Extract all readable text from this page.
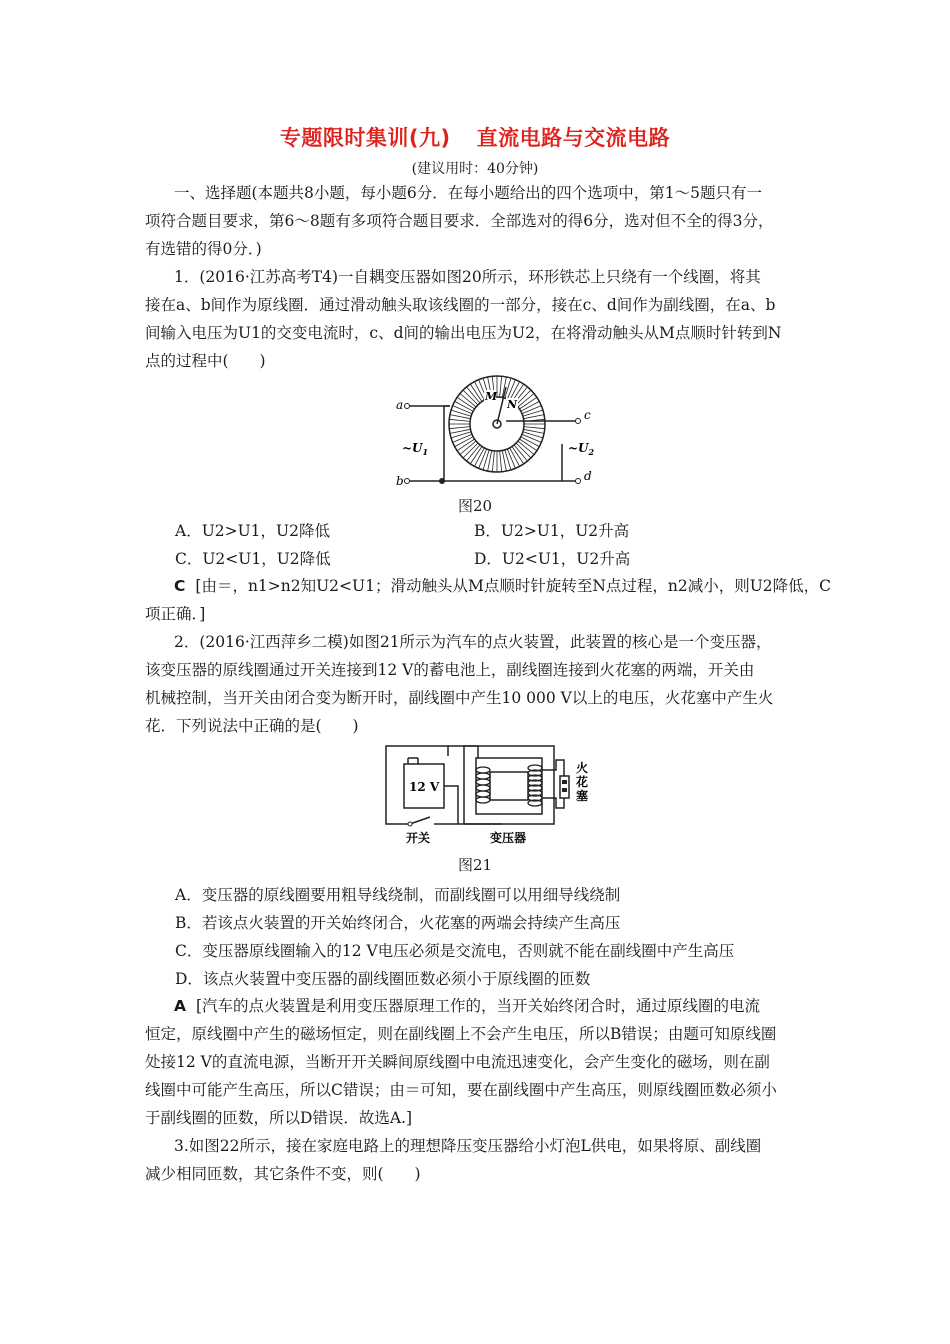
专题限时集训(九) 直流电路与交流电路
(建议用时：40分钟)
一、选择题(本题共8小题，每小题6分．在每小题给出的四个选项中，第1～5题只有一
项符合题目要求，第6～8题有多项符合题目要求．全部选对的得6分，选对但不全的得3分，
有选错的得0分．)
1．(2016·江苏高考T4)一自耦变压器如图20所示，环形铁芯上只绕有一个线圈，将其
接在a、b间作为原线圈．通过滑动触头取该线圈的一部分，接在c、d间作为副线圈，在a、b
间输入电压为U1的交变电流时，c、d间的输出电压为U2，在将滑动触头从M点顺时针转到N
点的过程中(　　)
a
b
c
d
$\sim U_1$	$\sim U_2$
M
N
图20
A．U2>U1，U2降低	B．U2>U1，U2升高
C．U2<U1，U2降低	D．U2<U1，U2升高
C [由＝，n1>n2知U2<U1；滑动触头从M点顺时针旋转至N点过程，n2减小，则U2降低，C
项正确．]
2．(2016·江西萍乡二模)如图21所示为汽车的点火装置，此装置的核心是一个变压器，
该变压器的原线圈通过开关连接到12 V的蓄电池上，副线圈连接到火花塞的两端，开关由
机械控制，当开关由闭合变为断开时，副线圈中产生10 000 V以上的电压，火花塞中产生火
花．下列说法中正确的是(　　)
12 V
开关	变压器
火
花
塞
图21
A．变压器的原线圈要用粗导线绕制，而副线圈可以用细导线绕制
B．若该点火装置的开关始终闭合，火花塞的两端会持续产生高压
C．变压器原线圈输入的12 V电压必须是交流电，否则就不能在副线圈中产生高压
D．该点火装置中变压器的副线圈匝数必须小于原线圈的匝数
A [汽车的点火装置是利用变压器原理工作的，当开关始终闭合时，通过原线圈的电流
恒定，原线圈中产生的磁场恒定，则在副线圈上不会产生电压，所以B错误；由题可知原线圈
处接12 V的直流电源，当断开开关瞬间原线圈中电流迅速变化，会产生变化的磁场，则在副
线圈中可能产生高压，所以C错误；由＝可知，要在副线圈中产生高压，则原线圈匝数必须小
于副线圈的匝数，所以D错误．故选A.]
3.如图22所示，接在家庭电路上的理想降压变压器给小灯泡L供电，如果将原、副线圈
减少相同匝数，其它条件不变，则(　　)
